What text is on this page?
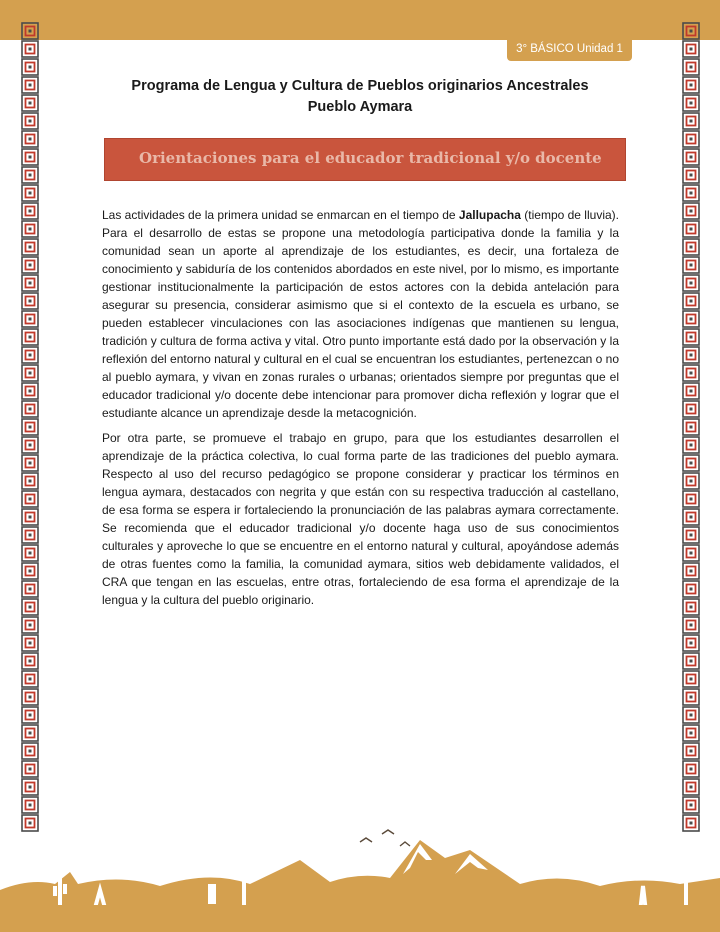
3° BÁSICO Unidad 1
Programa de Lengua y Cultura de Pueblos originarios Ancestrales
Pueblo Aymara
Orientaciones para el educador tradicional y/o docente

Las actividades de la primera unidad se enmarcan en el tiempo de Jallupacha (tiempo de lluvia). Para el desarrollo de estas se propone una metodología participativa donde la familia y la comunidad sean un aporte al aprendizaje de los estudiantes, es decir, una fortaleza de conocimiento y sabiduría de los contenidos abordados en este nivel, por lo mismo, es importante gestionar institucionalmente la participación de estos actores con la debida antelación para asegurar su presencia, considerar asimismo que si el contexto de la escuela es urbano, se pueden establecer vinculaciones con las asociaciones indígenas que mantienen su lengua, tradición y cultura de forma activa y vital. Otro punto importante está dado por la observación y la reflexión del entorno natural y cultural en el cual se encuentran los estudiantes, pertenezcan o no al pueblo aymara, y vivan en zonas rurales o urbanas; orientados siempre por preguntas que el educador tradicional y/o docente debe intencionar para promover dicha reflexión y lograr que el estudiante alcance un aprendizaje desde la metacognición.

Por otra parte, se promueve el trabajo en grupo, para que los estudiantes desarrollen el aprendizaje de la práctica colectiva, lo cual forma parte de las tradiciones del pueblo aymara. Respecto al uso del recurso pedagógico se propone considerar y practicar los términos en lengua aymara, destacados con negrita y que están con su respectiva traducción al castellano, de esa forma se espera ir fortaleciendo la pronunciación de las palabras aymara correctamente. Se recomienda que el educador tradicional y/o docente haga uso de sus conocimientos culturales y aproveche lo que se encuentre en el entorno natural y cultural, apoyándose además de otras fuentes como la familia, la comunidad aymara, sitios web debidamente validados, el CRA que tengan en las escuelas, entre otras, fortaleciendo de esa forma el aprendizaje de la lengua y la cultura del pueblo originario.
